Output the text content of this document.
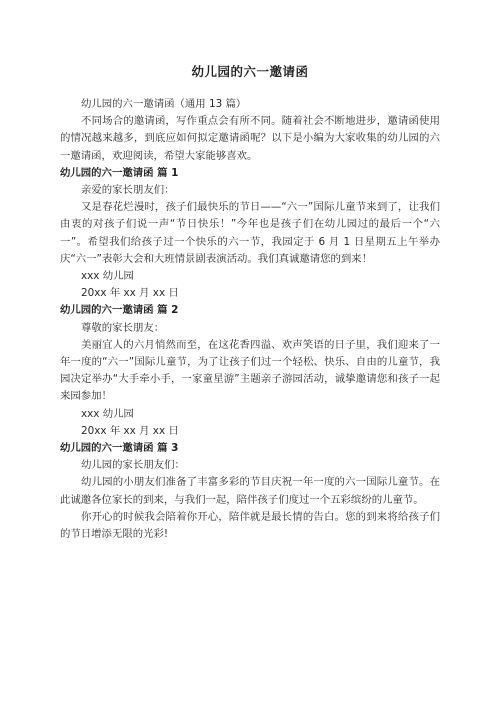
幼儿园的六一邀请函

幼儿园的六一邀请函（通用 13 篇）

不同场合的邀请函，写作重点会有所不同。随着社会不断地进步，邀请函使用的情况越来越多，到底应如何拟定邀请函呢？以下是小编为大家收集的幼儿园的六一邀请函，欢迎阅读，希望大家能够喜欢。

幼儿园的六一邀请函 篇 1

亲爱的家长朋友们：

又是春花烂漫时，孩子们最快乐的节日——“六一”国际儿童节来到了，让我们由衷的对孩子们说一声“节日快乐！”今年也是孩子们在幼儿园过的最后一个“六一”。希望我们给孩子过一个快乐的六一节，我园定于 6 月 1 日星期五上午举办庆“六一”表彰大会和大班情景剧表演活动。我们真诚邀请您的到来！

xxx 幼儿园

20xx 年 xx 月 xx 日

幼儿园的六一邀请函 篇 2

尊敬的家长朋友：

美丽宜人的六月悄然而至，在这花香四溢、欢声笑语的日子里，我们迎来了一年一度的“六一”国际儿童节，为了让孩子们过一个轻松、快乐、自由的儿童节，我园决定举办“大手牵小手，一家童星游”主题亲子游园活动，诚挚邀请您和孩子一起来园参加！

xxx 幼儿园

20xx 年 xx 月 xx 日

幼儿园的六一邀请函 篇 3

幼儿园的家长朋友们：

幼儿园的小朋友们准备了丰富多彩的节目庆祝一年一度的六一国际儿童节。在此诚邀各位家长的到来，与我们一起，陪伴孩子们度过一个五彩缤纷的儿童节。

你开心的时候我会陪着你开心，陪伴就是最长情的告白。您的到来将给孩子们的节日增添无限的光彩!
